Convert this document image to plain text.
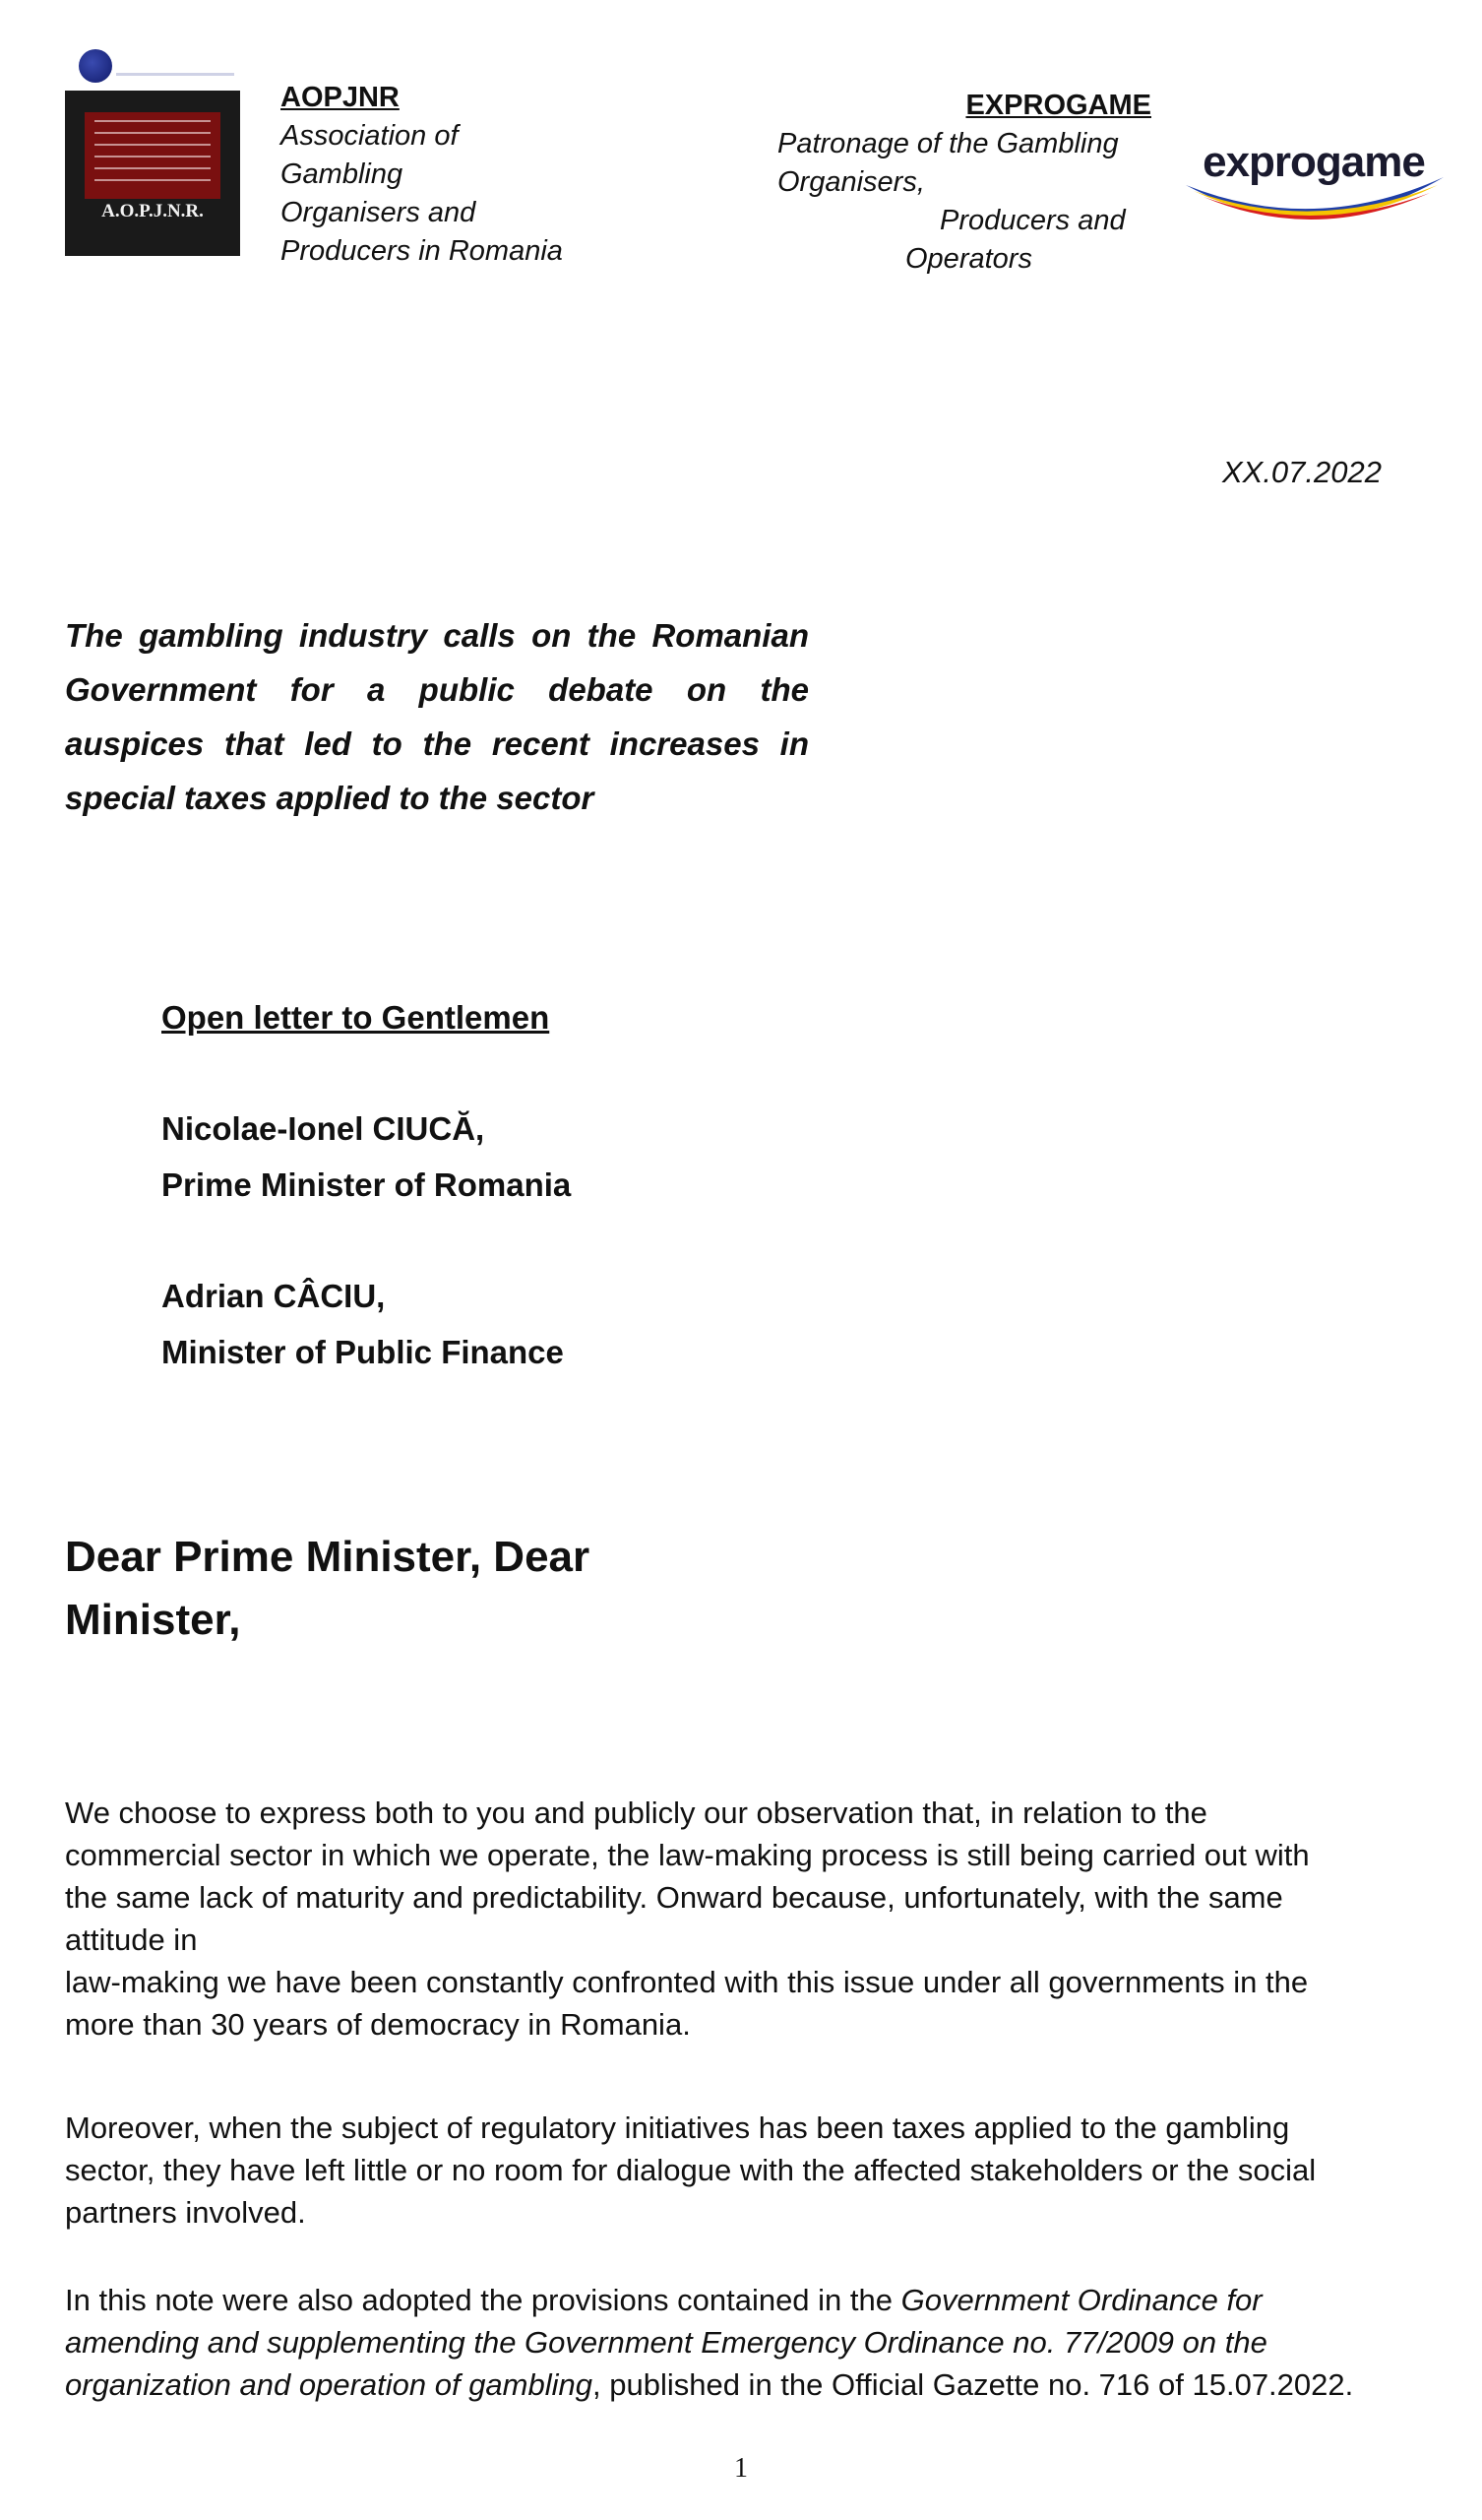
A.O.P.J.N.R.
AOPJNR
Association of
Gambling
Organisers and
Producers in Romania
EXPROGAME
Patronage of the Gambling
Organisers,
Producers and
Operators
exprogame
XX.07.2022
The gambling industry calls on the Romanian
Government for a public debate on the
auspices that led to the recent increases in
special taxes applied to the sector
Open letter to Gentlemen
Nicolae-Ionel CIUCĂ,
Prime Minister of Romania
Adrian CÂCIU,
Minister of Public Finance
Dear Prime Minister, Dear
Minister,
We choose to express both to you and publicly our observation that, in relation to the
commercial sector in which we operate, the law-making process is still being carried out with
the same lack of maturity and predictability. Onward because, unfortunately, with the same
attitude in
law-making we have been constantly confronted with this issue under all governments in the
more than 30 years of democracy in Romania.
Moreover, when the subject of regulatory initiatives has been taxes applied to the gambling
sector, they have left little or no room for dialogue with the affected stakeholders or the social
partners involved.
In this note were also adopted the provisions contained in the Government Ordinance for
amending and supplementing the Government Emergency Ordinance no. 77/2009 on the
organization and operation of gambling, published in the Official Gazette no. 716 of 15.07.2022.
1
